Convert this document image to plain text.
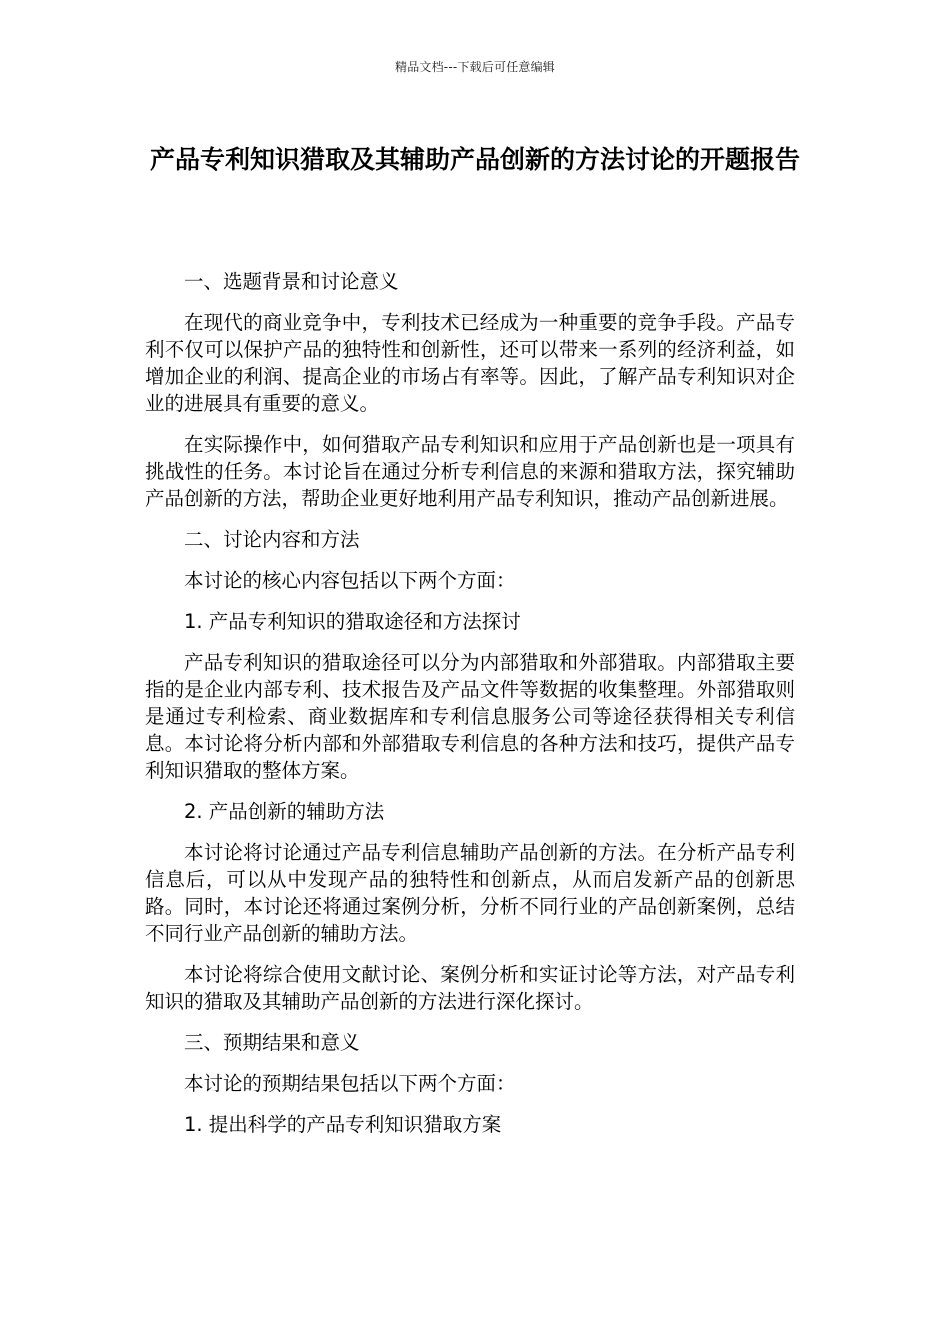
精品文档---下载后可任意编辑
产品专利知识猎取及其辅助产品创新的方法讨论的开题报告

一、选题背景和讨论意义

在现代的商业竞争中，专利技术已经成为一种重要的竞争手段。产品专利不仅可以保护产品的独特性和创新性，还可以带来一系列的经济利益，如增加企业的利润、提高企业的市场占有率等。因此，了解产品专利知识对企业的进展具有重要的意义。

在实际操作中，如何猎取产品专利知识和应用于产品创新也是一项具有挑战性的任务。本讨论旨在通过分析专利信息的来源和猎取方法，探究辅助产品创新的方法，帮助企业更好地利用产品专利知识，推动产品创新进展。

二、讨论内容和方法

本讨论的核心内容包括以下两个方面：

1. 产品专利知识的猎取途径和方法探讨

产品专利知识的猎取途径可以分为内部猎取和外部猎取。内部猎取主要指的是企业内部专利、技术报告及产品文件等数据的收集整理。外部猎取则是通过专利检索、商业数据库和专利信息服务公司等途径获得相关专利信息。本讨论将分析内部和外部猎取专利信息的各种方法和技巧，提供产品专利知识猎取的整体方案。

2. 产品创新的辅助方法

本讨论将讨论通过产品专利信息辅助产品创新的方法。在分析产品专利信息后，可以从中发现产品的独特性和创新点，从而启发新产品的创新思路。同时，本讨论还将通过案例分析，分析不同行业的产品创新案例，总结不同行业产品创新的辅助方法。

本讨论将综合使用文献讨论、案例分析和实证讨论等方法，对产品专利知识的猎取及其辅助产品创新的方法进行深化探讨。

三、预期结果和意义

本讨论的预期结果包括以下两个方面：

1. 提出科学的产品专利知识猎取方案
